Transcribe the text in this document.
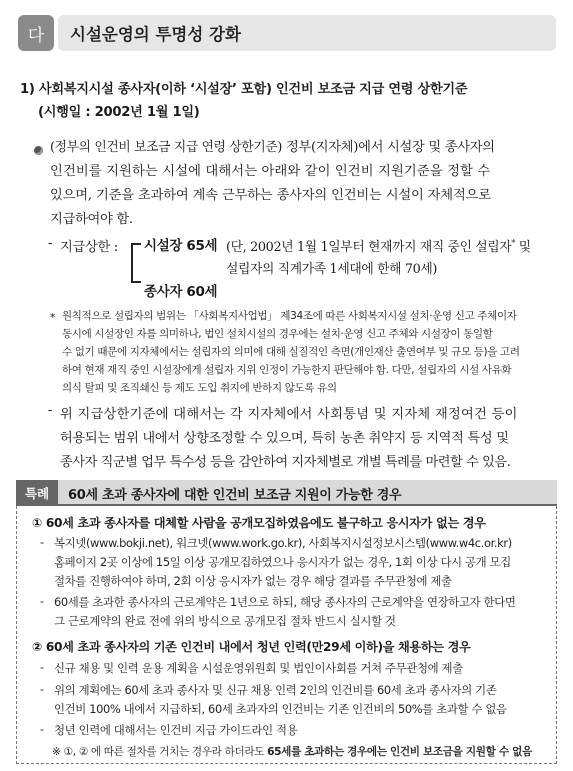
다	시설운영의 투명성 강화
1) 사회복지시설 종사자(이하 ‘시설장’ 포함) 인건비 보조금 지급 연령 상한기준
(시행일 : 2002년 1월 1일)
(정부의 인건비 보조금 지급 연령 상한기준) 정부(지자체)에서 시설장 및 종사자의
인건비를 지원하는 시설에 대해서는 아래와 같이 인건비 지원기준을 정할 수
있으며, 기준을 초과하여 계속 근무하는 종사자의 인건비는 시설이 자체적으로
지급하여야 함.
- 지급상한 : 시설장 65세 (단, 2002년 1월 1일부터 현재까지 재직 중인 설립자* 및
설립자의 직계가족 1세대에 한해 70세)
종사자 60세
* 원칙적으로 설립자의 범위는 「사회복지사업법」 제34조에 따른 사회복지시설 설치·운영 신고 주체이자
동시에 시설장인 자를 의미하나, 법인 설치시설의 경우에는 설치·운영 신고 주체와 시설장이 동일할
수 없기 때문에 지자체에서는 설립자의 의미에 대해 실질적인 측면(개인재산 출연여부 및 규모 등)을 고려
하여 현재 재직 중인 시설장에게 설립자 지위 인정이 가능한지 판단해야 함. 다만, 설립자의 시설 사유화
의식 탈피 및 조직쇄신 등 제도 도입 취지에 반하지 않도록 유의
- 위 지급상한기준에 대해서는 각 지자체에서 사회통념 및 지자체 재정여건 등이
허용되는 범위 내에서 상향조정할 수 있으며, 특히 농촌 취약지 등 지역적 특성 및
종사자 직군별 업무 특수성 등을 감안하여 지자체별로 개별 특례를 마련할 수 있음.
특례	60세 초과 종사자에 대한 인건비 보조금 지원이 가능한 경우
① 60세 초과 종사자를 대체할 사람을 공개모집하였음에도 불구하고 응시자가 없는 경우
- 복지넷(www.bokji.net), 워크넷(www.work.go.kr), 사회복지시설정보시스템(www.w4c.or.kr)
홈페이지 2곳 이상에 15일 이상 공개모집하였으나 응시자가 없는 경우, 1회 이상 다시 공개 모집
절차를 진행하여야 하며, 2회 이상 응시자가 없는 경우 해당 결과를 주무관청에 제출
- 60세를 초과한 종사자의 근로계약은 1년으로 하되, 해당 종사자의 근로계약을 연장하고자 한다면
그 근로계약의 완료 전에 위의 방식으로 공개모집 절차 반드시 실시할 것
② 60세 초과 종사자의 기존 인건비 내에서 청년 인력(만29세 이하)을 채용하는 경우
- 신규 채용 및 인력 운용 계획을 시설운영위원회 및 법인이사회를 거쳐 주무관청에 제출
- 위의 계획에는 60세 초과 종사자 및 신규 채용 인력 2인의 인건비를 60세 초과 종사자의 기존
인건비 100% 내에서 지급하되, 60세 초과자의 인건비는 기존 인건비의 50%를 초과할 수 없음
- 청년 인력에 대해서는 인건비 지급 가이드라인 적용
※ ①, ② 에 따른 절차를 거치는 경우라 하더라도 65세를 초과하는 경우에는 인건비 보조금을 지원할 수 없음
